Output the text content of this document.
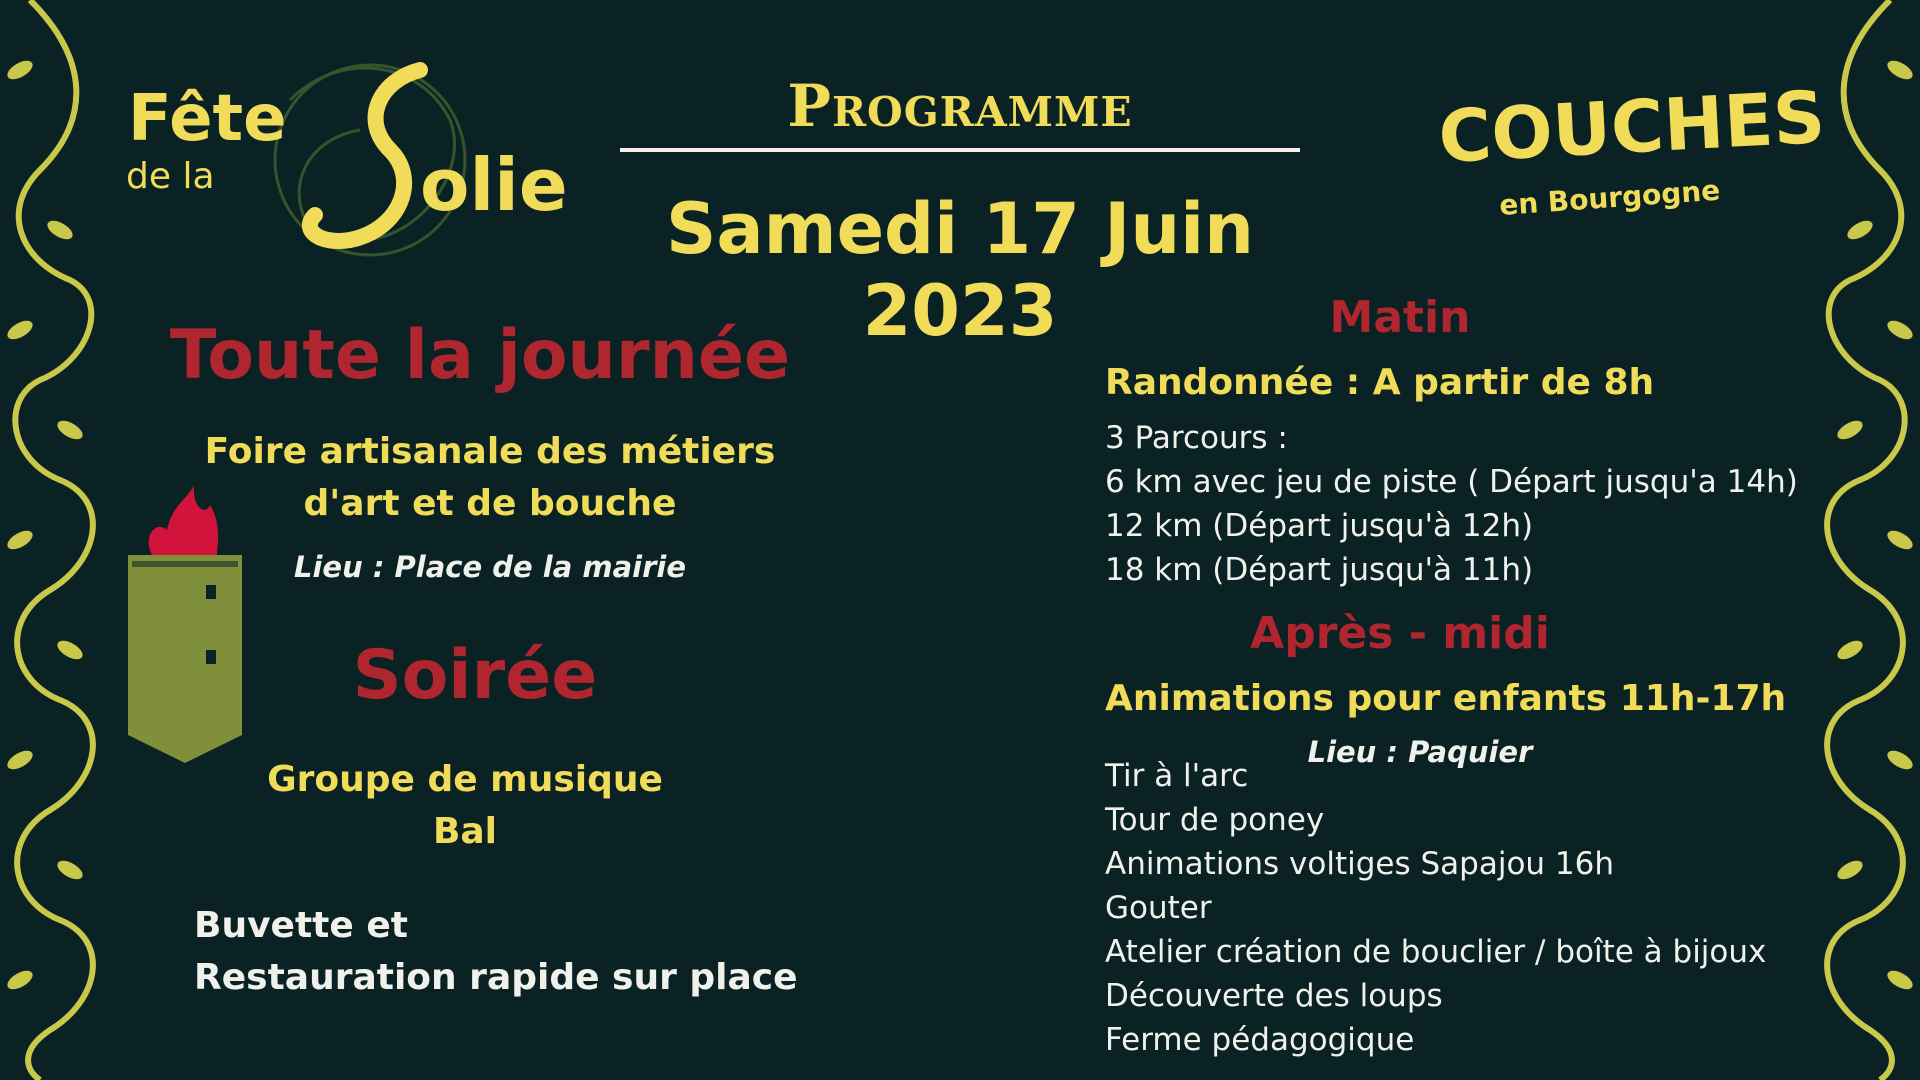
Fête
de la	olie
COUCHES
en Bourgogne
Programme
Samedi 17 Juin 2023
Toute la journée
Foire artisanale des métiers
d'art et de bouche
Lieu : Place de la mairie
Soirée
Groupe de musique
Bal
Buvette et
Restauration rapide sur place
Matin
Randonnée : A partir de 8h
3 Parcours :
6 km avec jeu de piste ( Départ jusqu'a 14h)
12 km (Départ jusqu'à 12h)
18 km (Départ jusqu'à 11h)
Après - midi
Animations pour enfants 11h-17h
Tir à l'arc
Tour de poney
Animations voltiges Sapajou 16h
Gouter
Atelier création de bouclier / boîte à bijoux
Découverte des loups
Ferme pédagogique
Lieu : Paquier
